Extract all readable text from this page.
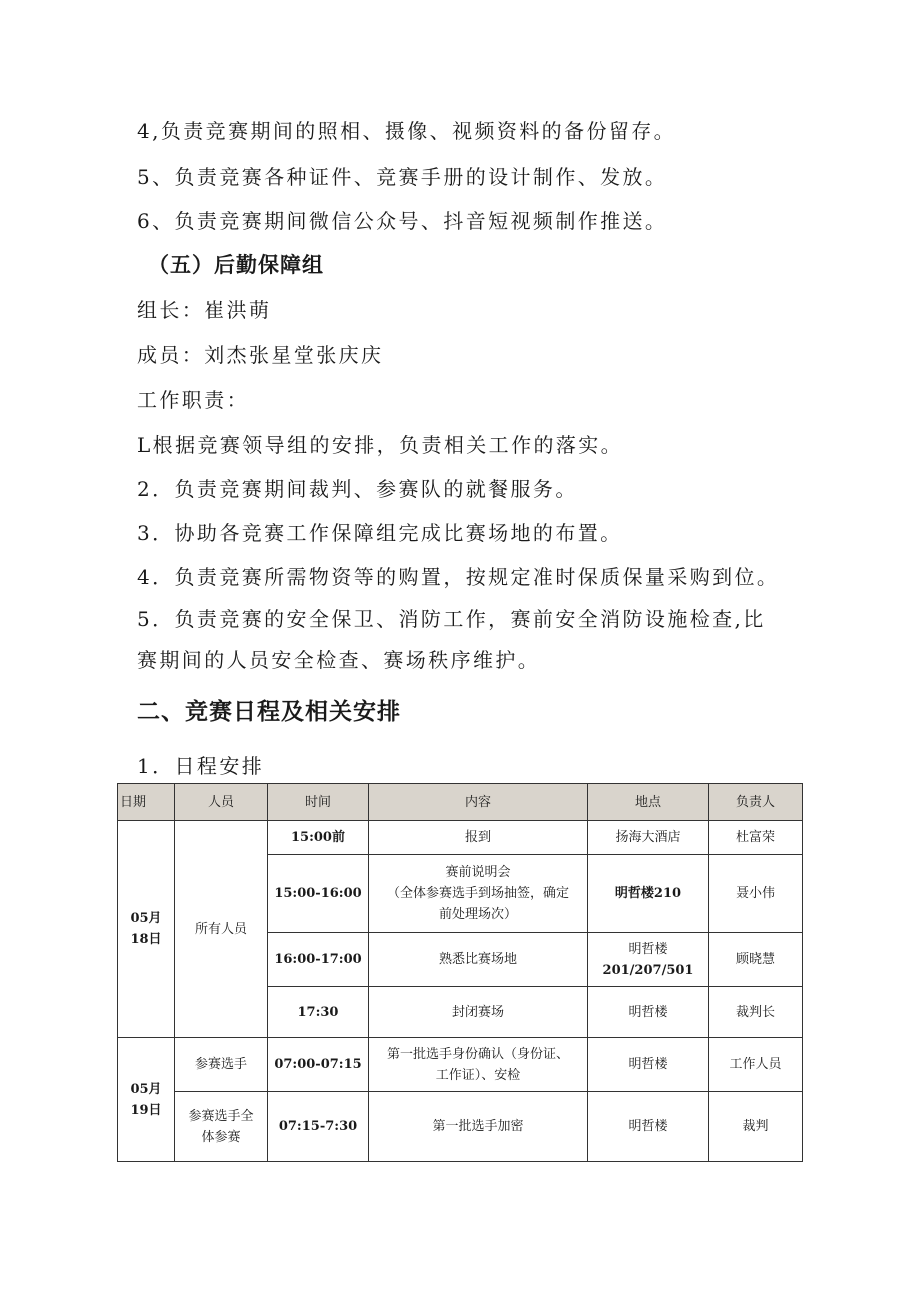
4,负责竞赛期间的照相、摄像、视频资料的备份留存。
5、负责竞赛各种证件、竞赛手册的设计制作、发放。
6、负责竞赛期间微信公众号、抖音短视频制作推送。
（五）后勤保障组
组长：崔洪萌
成员：刘杰张星堂张庆庆
工作职责：
L根据竞赛领导组的安排，负责相关工作的落实。
2．负责竞赛期间裁判、参赛队的就餐服务。
3．协助各竞赛工作保障组完成比赛场地的布置。
4．负责竞赛所需物资等的购置，按规定准时保质保量采购到位。
5．负责竞赛的安全保卫、消防工作，赛前安全消防设施检查,比
赛期间的人员安全检查、赛场秩序维护。
二、竞赛日程及相关安排
1．日程安排
日期	人员	时间	内容	地点	负责人

05月
18日	所有人员	15:00前	报到	扬海大酒店	杜富荣
		15:00-16:00	赛前说明会
（全体参赛选手到场抽签，确定
前处理场次）	明哲楼210	聂小伟
		16:00-17:00	熟悉比赛场地	明哲楼
201/207/501	顾晓慧
		17:30	封闭赛场	明哲楼	裁判长

05月
19日	参赛选手	07:00-07:15	第一批选手身份确认（身份证、
工作证）、安检	明哲楼	工作人员

	参赛选手全
体参赛	07:15-7:30	第一批选手加密	明哲楼	裁判
